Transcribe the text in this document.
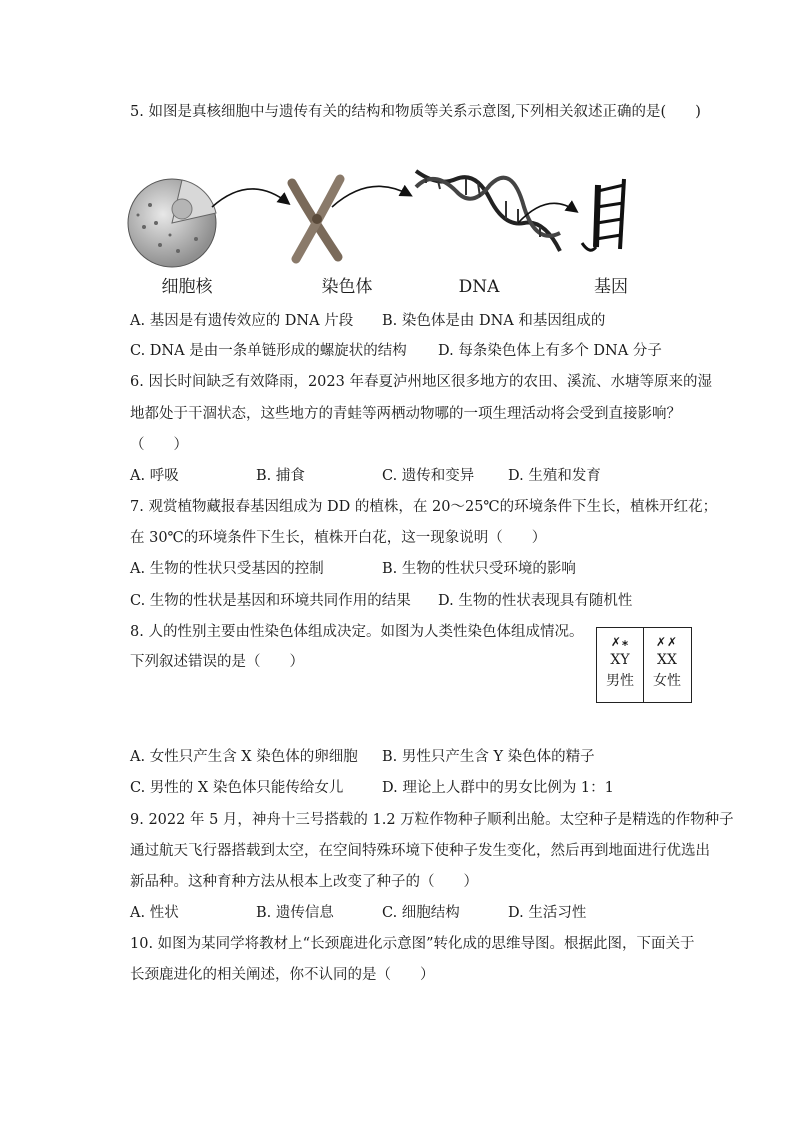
5. 如图是真核细胞中与遗传有关的结构和物质等关系示意图,下列相关叙述正确的是(　　)
细胞核	染色体	DNA	基因
A. 基因是有遗传效应的 DNA 片段 B. 染色体是由 DNA 和基因组成的
C. DNA 是由一条单链形成的螺旋状的结构 D. 每条染色体上有多个 DNA 分子
6. 因长时间缺乏有效降雨，2023 年春夏泸州地区很多地方的农田、溪流、水塘等原来的湿
地都处于干涸状态，这些地方的青蛙等两栖动物哪的一项生理活动将会受到直接影响？
（　　）
A. 呼吸	B. 捕食	C. 遗传和变异 D. 生殖和发育
7. 观赏植物藏报春基因组成为 DD 的植株，在 20～25℃的环境条件下生长，植株开红花；
在 30℃的环境条件下生长，植株开白花，这一现象说明（　　）
A. 生物的性状只受基因的控制	B. 生物的性状只受环境的影响
C. 生物的性状是基因和环境共同作用的结果 D. 生物的性状表现具有随机性
8. 人的性别主要由性染色体组成决定。如图为人类性染色体组成情况。
下列叙述错误的是（　　）
✗⁎
XY
男性
✗✗
XX
女性
A. 女性只产生含 X 染色体的卵细胞 B. 男性只产生含 Y 染色体的精子
C. 男性的 X 染色体只能传给女儿	D. 理论上人群中的男女比例为 1：1
9. 2022 年 5 月，神舟十三号搭载的 1.2 万粒作物种子顺利出舱。太空种子是精选的作物种子
通过航天飞行器搭载到太空，在空间特殊环境下使种子发生变化，然后再到地面进行优选出
新品种。这种育种方法从根本上改变了种子的（　　）
A. 性状	B. 遗传信息	C. 细胞结构	D. 生活习性
10. 如图为某同学将教材上“长颈鹿进化示意图”转化成的思维导图。根据此图，下面关于
长颈鹿进化的相关阐述，你不认同的是（　　）
